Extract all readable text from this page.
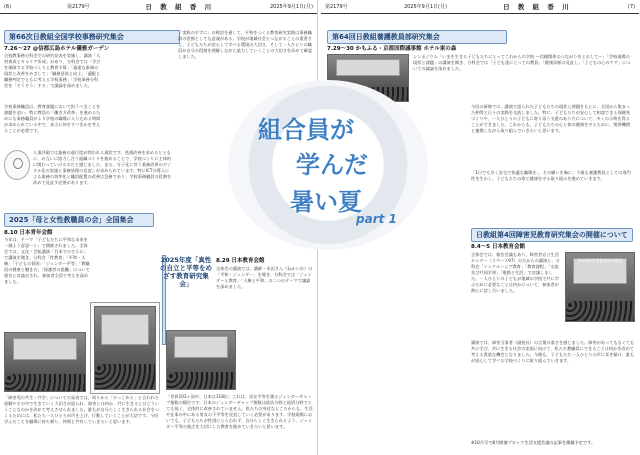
(6)	第2179号	日 教 組 香 川	2025年9月1日(月)
第66次日教組全国学校事務研究集会
7.26～27 @信都広島ホテル優雅ガーデン
全校教事務分科会での研究発表を実施し、講演「人材育成とキャリア形成」があり、分科会では「学びを保障する学校づくりと教育予算」「過重な事務の現状と改善をめざして」「職務意欲と向上」「適配と職務判定でともに考える学校事務」「学校事務分科会を「そうそう」する」で議論を深めました。
学校事務職員は、教育課題において担うべきことを課題を追い、特に教員の「働き方改革」を進めるためにも事務職員がより学校の職場に入り込める時間が求められている中で、本当に何をすべきかを考えることが必要です。
人事評価では業務の遂行度が問われる現状です。処遇改善を求めるとともに、お互いに協力し合う組織づくりを進めることで、学校づくりに主体的に関わっていけるのだと感じました。また、分子化に伴う業務改善のデジタル化の実施と事務処理の見直しが求められています。特にICTの導入による業務の効率化と職員配置の改善は急務であり、学校事務職員の役割を改めて見直す必要があります。
「実践の手ずに」の検討を通して、平和をつくる教育研究実践は事務職員の役割としても意義がある。学校が地域社会とつながることの重要さと、子どもたちが安心して学べる環境の大切さ、そして一人ひとりの職員が自分の役割を理解しながら協力していくことの大切さを改めて確認しました。
2025「母と女性教職員の会」全国集会
8.10 日本青年会館
今年は、テーマ「子どもたちに平和な未来を 一層ふう意思ーン」で開催されました。全体会では、文化・芸能講演「日本でのさらに」で講演を聞き、分科会「性教育」「平和・人権」「子どもの貧困」「ジェンダー平等」「教職員の健康と働き方」「保護者の協働」について報告と討論がされ、参加者全員で考えを深めました。
「障害児の共生・共学」についての発表では、周りから「ひっこめろ」と言われた経験やその中で生きていく大切さが語られ、障害とは何か、共に生きるとはどういうことなのかを改めて考えさせられました。誰もが自分らしく生きられる社会をつくるためには、私たち一人ひとりが声を上げ、行動していくことが大切です。今回学んだことを職場に持ち帰り、仲間と共有していきたいと思います。
2025年度「真性の自立と平等をめざす教育研究集会」
8.29 日本教育会館
全体会の講演では、講師・米田さん（ねかいわ）の「平和・ジェンダー」を聞き、分科会では「ジェンダーと教育」「人権と平和」の二つのテーマで議論を深めました。
「世界103ヶ国中、日本は118位」これは、男女平等を測るジェンダーギャップ指数の順位です。日本のジェンダーギャップ指数は政治分野と経済分野でとても低く、全体的に改善されていません。私たちの身近なところからも、生活や仕事の中にある男女の不平等を見直していく必要があります。学校現場においても、子どもたちが性別にとらわれず、自分らしく生きられるよう、ジェンダー平等の視点を大切にした教育を進めていきたいと思います。
第2179号	2025年9月1日(月)	日 教 組 香 川	(7)
第64回日教組養護教員部研究集会
7.29～30 かもふる・京都国際議事館 ホテル東の森
シンポジウム「いまを生きる子どもたちにとってこれからの学校 ～信頼関係のつながりをとおして～」「学校現場の現状と課題」の講演を聞き、分科会では「子ども達にとっての教員」「健康診断の見直し」「子どもの心のケア」についての議論を深めました。
今回の研修では、講演で語られた子どもたちの現状と課題をもとに、全国から集まった仲間と日々の実践を交流しました。特に、子どもたちが安心して相談できる保健室づくりや、一人ひとりの子どもに寄り添う支援のあり方について、多くの示唆を得ることができました。これからも、子どもたちの心と体の健康を守るために、関係機関と連携しながら取り組んでいきたいと思います。
「1日でも早く安全で快適な職場を」、その願いを胸に、今後も養護教員としての専門性を生かし、子どもたちの命と健康を守る取り組みを進めていきます。
日教組第4回障害児教育研究集会の開催について
8.4～5 日本教育会館
全体会では、報告会議もあり、障害者自立生活センター（スペース97）の方からの講演と、分科会「インクルーシブ教育」「教育課程」「交流及び共同学習」「進路と生活」で討議しました。一人ひとりの子どもが地域の学校で共に学ぶために必要なことは何かについて、参加者が熱心に話し合いました。
第4回障害児教育研究集会
講演では、障害当事者（副校長）の言葉の重さを感じました。障害があってもなくても共に学び、共に生きる社会の実現に向けて、私たち教職員にできることは何かを改めて考える貴重な機会となりました。今後も、子どもたち一人ひとりの声に耳を傾け、誰もが安心して学べる学校づくりに取り組んでいきます。
※10月号で8月開催ブロック生活支援会議の記事を掲載予定です。
組合員が
学んだ
暑い夏
part 1
